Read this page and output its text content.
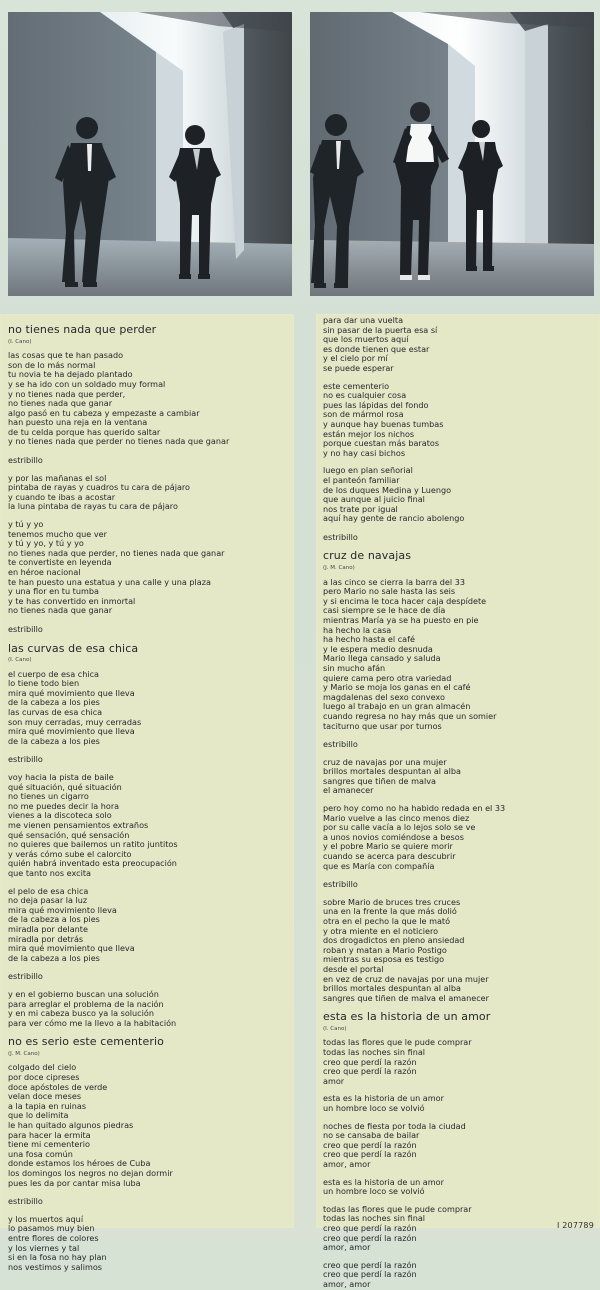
no tienes nada que perder
(I. Cano)
las cosas que te han pasado
son de lo más normal
tu novia te ha dejado plantado
y se ha ido con un soldado muy formal
y no tienes nada que perder,
no tienes nada que ganar
algo pasó en tu cabeza y empezaste a cambiar
han puesto una reja en la ventana
de tu celda porque has querido saltar
y no tienes nada que perder no tienes nada que ganar
estribillo
y por las mañanas el sol
pintaba de rayas y cuadros tu cara de pájaro
y cuando te ibas a acostar
la luna pintaba de rayas tu cara de pájaro
y tú y yo
tenemos mucho que ver
y tú y yo, y tú y yo
no tienes nada que perder, no tienes nada que ganar
te convertiste en leyenda
en héroe nacional
te han puesto una estatua y una calle y una plaza
y una flor en tu tumba
y te has convertido en inmortal
no tienes nada que ganar
estribillo
las curvas de esa chica
(I. Cano)
el cuerpo de esa chica
lo tiene todo bien
mira qué movimiento que lleva
de la cabeza a los pies
las curvas de esa chica
son muy cerradas, muy cerradas
mira qué movimiento que lleva
de la cabeza a los pies
estribillo
voy hacia la pista de baile
qué situación, qué situación
no tienes un cigarro
no me puedes decir la hora
vienes a la discoteca solo
me vienen pensamientos extraños
qué sensación, qué sensación
no quieres que bailemos un ratito juntitos
y verás cómo sube el calorcito
quién habrá inventado esta preocupación
que tanto nos excita
el pelo de esa chica
no deja pasar la luz
mira qué movimiento lleva
de la cabeza a los pies
miradla por delante
miradla por detrás
mira qué movimiento que lleva
de la cabeza a los pies
estribillo
y en el gobierno buscan una solución
para arreglar el problema de la nación
y en mi cabeza busco ya la solución
para ver cómo me la llevo a la habitación
no es serio este cementerio
(J. M. Cano)
colgado del cielo
por doce cipreses
doce apóstoles de verde
velan doce meses
a la tapia en ruinas
que lo delimita
le han quitado algunos piedras
para hacer la ermita
tiene mi cementerio
una fosa común
donde estamos los héroes de Cuba
los domingos los negros no dejan dormir
pues les da por cantar misa luba
estribillo
y los muertos aquí
lo pasamos muy bien
entre flores de colores
y los viernes y tal
si en la fosa no hay plan
nos vestimos y salimos
para dar una vuelta
sin pasar de la puerta esa sí
que los muertos aquí
es donde tienen que estar
y el cielo por mí
se puede esperar
este cementerio
no es cualquier cosa
pues las lápidas del fondo
son de mármol rosa
y aunque hay buenas tumbas
están mejor los nichos
porque cuestan más baratos
y no hay casi bichos
luego en plan señorial
el panteón familiar
de los duques Medina y Luengo
que aunque al juicio final
nos trate por igual
aquí hay gente de rancio abolengo
estribillo
cruz de navajas
(J. M. Cano)
a las cinco se cierra la barra del 33
pero Mario no sale hasta las seis
y si encima le toca hacer caja despídete
casi siempre se le hace de día
mientras María ya se ha puesto en pie
ha hecho la casa
ha hecho hasta el café
y le espera medio desnuda
Mario llega cansado y saluda
sin mucho afán
quiere cama pero otra variedad
y Mario se moja los ganas en el café
magdalenas del sexo convexo
luego al trabajo en un gran almacén
cuando regresa no hay más que un somier
taciturno que usar por turnos
estribillo
cruz de navajas por una mujer
brillos mortales despuntan al alba
sangres que tiñen de malva
el amanecer
pero hoy como no ha habido redada en el 33
Mario vuelve a las cinco menos diez
por su calle vacía a lo lejos solo se ve
a unos novios comiéndose a besos
y el pobre Mario se quiere morir
cuando se acerca para descubrir
que es María con compañía
estribillo
sobre Mario de bruces tres cruces
una en la frente la que más dolió
otra en el pecho la que le mató
y otra miente en el noticiero
dos drogadictos en pleno ansiedad
roban y matan a Mario Postigo
mientras su esposa es testigo
desde el portal
en vez de cruz de navajas por una mujer
brillos mortales despuntan al alba
sangres que tiñen de malva el amanecer
esta es la historia de un amor
(I. Cano)
todas las flores que le pude comprar
todas las noches sin final
creo que perdí la razón
creo que perdí la razón
amor
esta es la historia de un amor
un hombre loco se volvió
noches de fiesta por toda la ciudad
no se cansaba de bailar
creo que perdí la razón
creo que perdí la razón
amor, amor
esta es la historia de un amor
un hombre loco se volvió
todas las flores que le pude comprar
todas las noches sin final
creo que perdí la razón
creo que perdí la razón
amor, amor
creo que perdí la razón
creo que perdí la razón
amor, amor
I 207789
